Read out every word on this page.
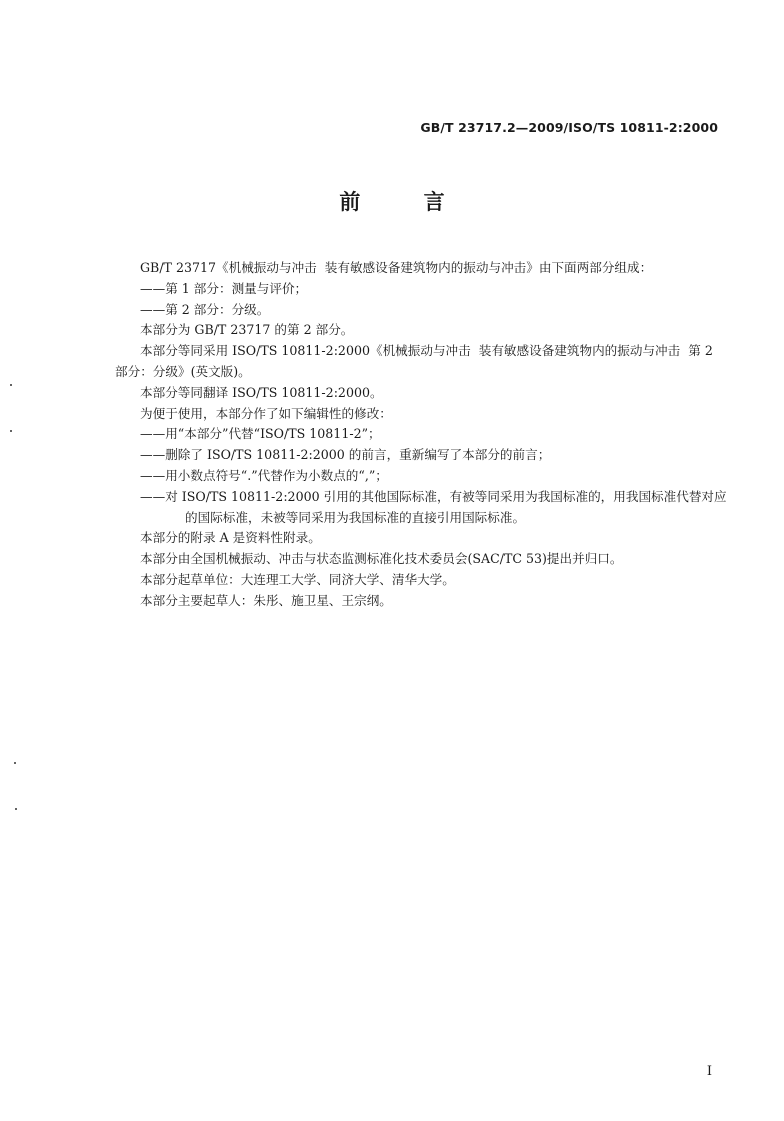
GB/T 23717.2—2009/ISO/TS 10811-2:2000
前 言

GB/T 23717《机械振动与冲击  装有敏感设备建筑物内的振动与冲击》由下面两部分组成：

——第 1 部分：测量与评价；

——第 2 部分：分级。

本部分为 GB/T 23717 的第 2 部分。

本部分等同采用 ISO/TS 10811-2:2000《机械振动与冲击  装有敏感设备建筑物内的振动与冲击  第 2 部分：分级》(英文版)。

本部分等同翻译 ISO/TS 10811-2:2000。

为便于使用，本部分作了如下编辑性的修改：

——用“本部分”代替“ISO/TS 10811-2”；

——删除了 ISO/TS 10811-2:2000 的前言，重新编写了本部分的前言；

——用小数点符号“.”代替作为小数点的“,”；

——对 ISO/TS 10811-2:2000 引用的其他国际标准，有被等同采用为我国标准的，用我国标准代替对应的国际标准，未被等同采用为我国标准的直接引用国际标准。

本部分的附录 A 是资料性附录。

本部分由全国机械振动、冲击与状态监测标准化技术委员会(SAC/TC 53)提出并归口。

本部分起草单位：大连理工大学、同济大学、清华大学。

本部分主要起草人：朱彤、施卫星、王宗纲。

I
